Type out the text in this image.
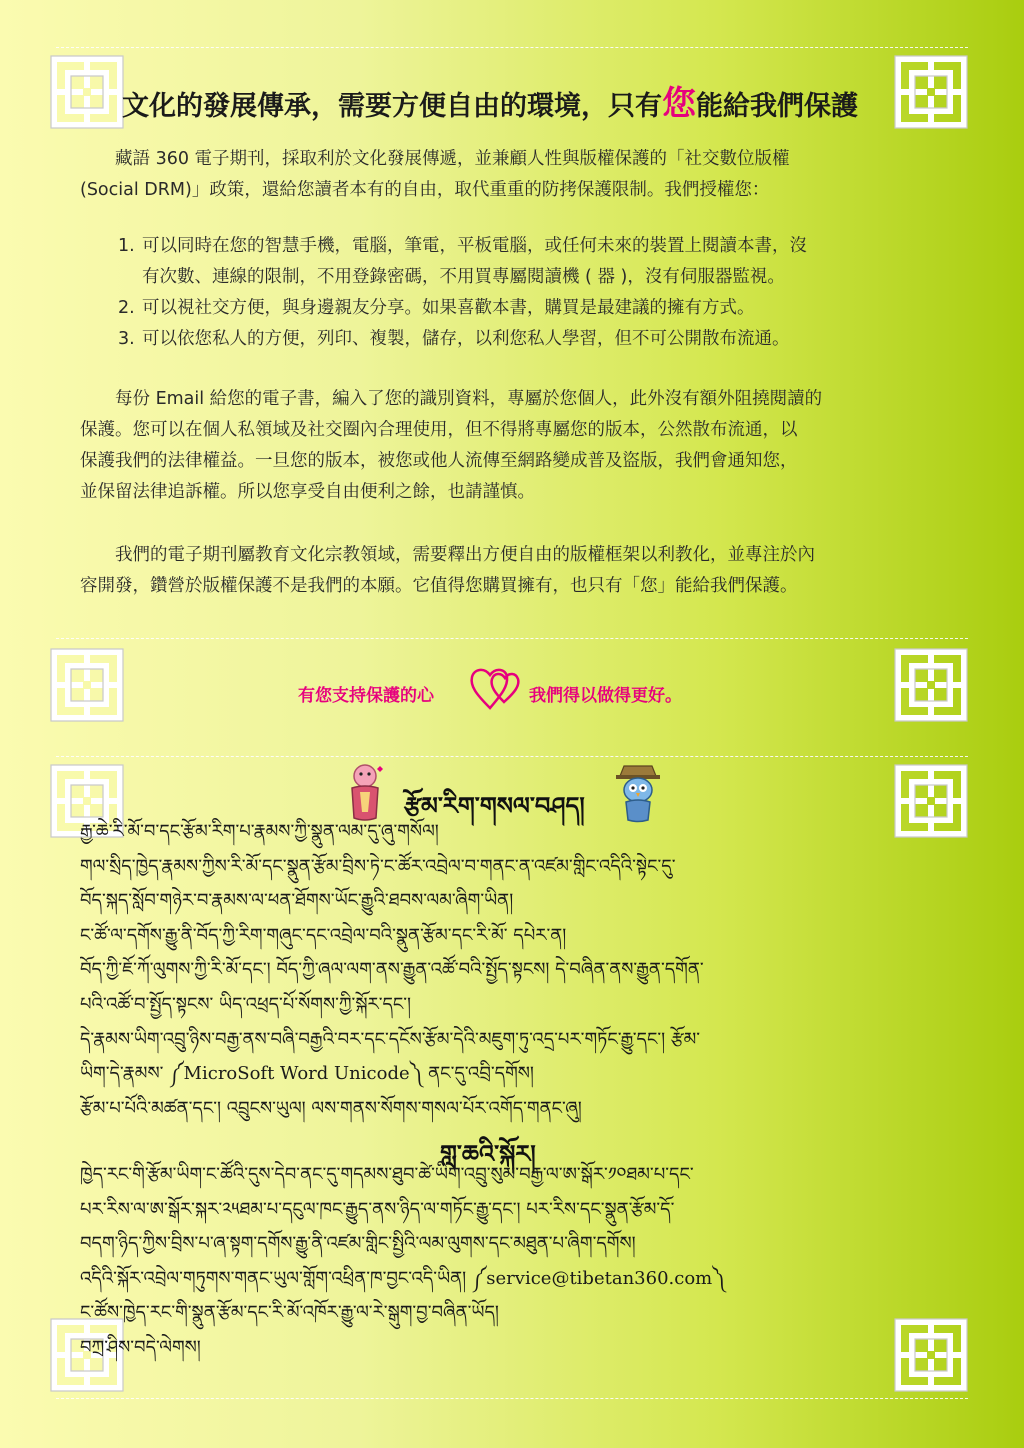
文化的發展傳承，需要方便自由的環境，只有您能給我們保護
藏語 360 電子期刊，採取利於文化發展傳遞，並兼顧人性與版權保護的「社交數位版權
(Social DRM)」政策，還給您讀者本有的自由，取代重重的防拷保護限制。我們授權您：
1. 可以同時在您的智慧手機，電腦，筆電，平板電腦，或任何未來的裝置上閱讀本書，沒
有次數、連線的限制，不用登錄密碼，不用買專屬閱讀機 ( 器 )，沒有伺服器監視。
2. 可以視社交方便，與身邊親友分享。如果喜歡本書，購買是最建議的擁有方式。
3. 可以依您私人的方便，列印、複製，儲存，以利您私人學習，但不可公開散布流通。
每份 Email 給您的電子書，編入了您的識別資料，專屬於您個人，此外沒有額外阻撓閱讀的
保護。您可以在個人私領域及社交圈內合理使用，但不得將專屬您的版本，公然散布流通，以
保護我們的法律權益。一旦您的版本，被您或他人流傳至網路變成普及盜版，我們會通知您，
並保留法律追訴權。所以您享受自由便利之餘，也請謹慎。
我們的電子期刊屬教育文化宗教領域，需要釋出方便自由的版權框架以利教化，並專注於內
容開發，鑽營於版權保護不是我們的本願。它值得您購買擁有，也只有「您」能給我們保護。
有您支持保護的心	我們得以做得更好。
རྩོམ་རིག་གསལ་བཤད།
རྒྱ་ཆེ་རི་མོ་བ་དང་རྩོམ་རིག་པ་རྣམས་ཀྱི་སྣུན་ལམ་དུ་ཞུ་གསོལ།
གལ་སྲིད་ཁྱེད་རྣམས་ཀྱིས་རི་མོ་དང་སྣུན་རྩོམ་བྲིས་ཏེ་ང་ཚོར་འབྲེལ་བ་གནང་ན་འཛམ་གླིང་འདིའི་སྟེང་དུ་
བོད་སྐད་སློབ་གཉེར་བ་རྣམས་ལ་ཕན་ཐོགས་ཡོང་རྒྱུའི་ཐབས་ལམ་ཞིག་ཡིན།
ང་ཚོ་ལ་དགོས་རྒྱུ་ནི་བོད་ཀྱི་རིག་གཞུང་དང་འབྲེལ་བའི་སྣུན་རྩོམ་དང་རི་མོ་ དཔེར་ན།
བོད་ཀྱི་ཇོ་ཀོ་ལུགས་ཀྱི་རི་མོ་དང་། བོད་ཀྱི་ཞལ་ལག་ནས་རྒྱུན་འཚོ་བའི་སྤྱོད་སྟངས། དེ་བཞིན་ནས་རྒྱུན་དགོན་
པའི་འཚོ་བ་སྤྱོད་སྟངས་ ཡིད་འཕྲད་པོ་སོགས་ཀྱི་སྐོར་དང་།
དེ་རྣམས་ཡིག་འབྲུ་ཉིས་བརྒྱ་ནས་བཞི་བརྒྱའི་བར་དང་དངོས་རྩོམ་དེའི་མཇུག་ཏུ་འདྲ་པར་གཏོང་རྒྱུ་དང་། རྩོམ་
ཡིག་དེ་རྣམས་ ༼MicroSoft Word Unicode༽ ནང་དུ་འབྲི་དགོས།
རྩོམ་པ་པོའི་མཚན་དང་། འབྲུངས་ཡུལ། ལས་གནས་སོགས་གསལ་པོར་འགོད་གནང་ཞུ།
གླ་ཆའི་སྐོར།
ཁྱེད་རང་གི་རྩོམ་ཡིག་ང་ཚོའི་དུས་དེབ་ནང་དུ་གདམས་ཐུབ་ཚེ་ཡིག་འབྲུ་སུམ་བརྒྱ་ལ་ཨ་སྒོར་༡༠ཐམ་པ་དང་
པར་རིས་ལ་ཨ་སྒོར་སྐར་༢༥ཐམ་པ་དངུལ་ཁང་རྒྱུད་ནས་ཉིད་ལ་གཏོང་རྒྱུ་དང་། པར་རིས་དང་སྣུན་རྩོམ་དོ་
བདག་ཉིད་ཀྱིས་བྲིས་པ་ཞ་སྟག་དགོས་རྒྱུ་ནི་འཛམ་གླིང་སྤྱིའི་ལམ་ལུགས་དང་མཐུན་པ་ཞིག་དགོས།
འདིའི་སྐོར་འབྲེལ་གཏུགས་གནང་ཡུལ་གློག་འཕྲིན་ཁ་བྱང་འདི་ཡིན། ༼service@tibetan360.com༽
ང་ཚོས་ཁྱེད་རང་གི་སྣུན་རྩོམ་དང་རི་མོ་འཁོར་རྒྱུ་ལ་རེ་སྒུག་བྱ་བཞིན་ཡོད།
བཀྲ་ཤིས་བདེ་ལེགས།
